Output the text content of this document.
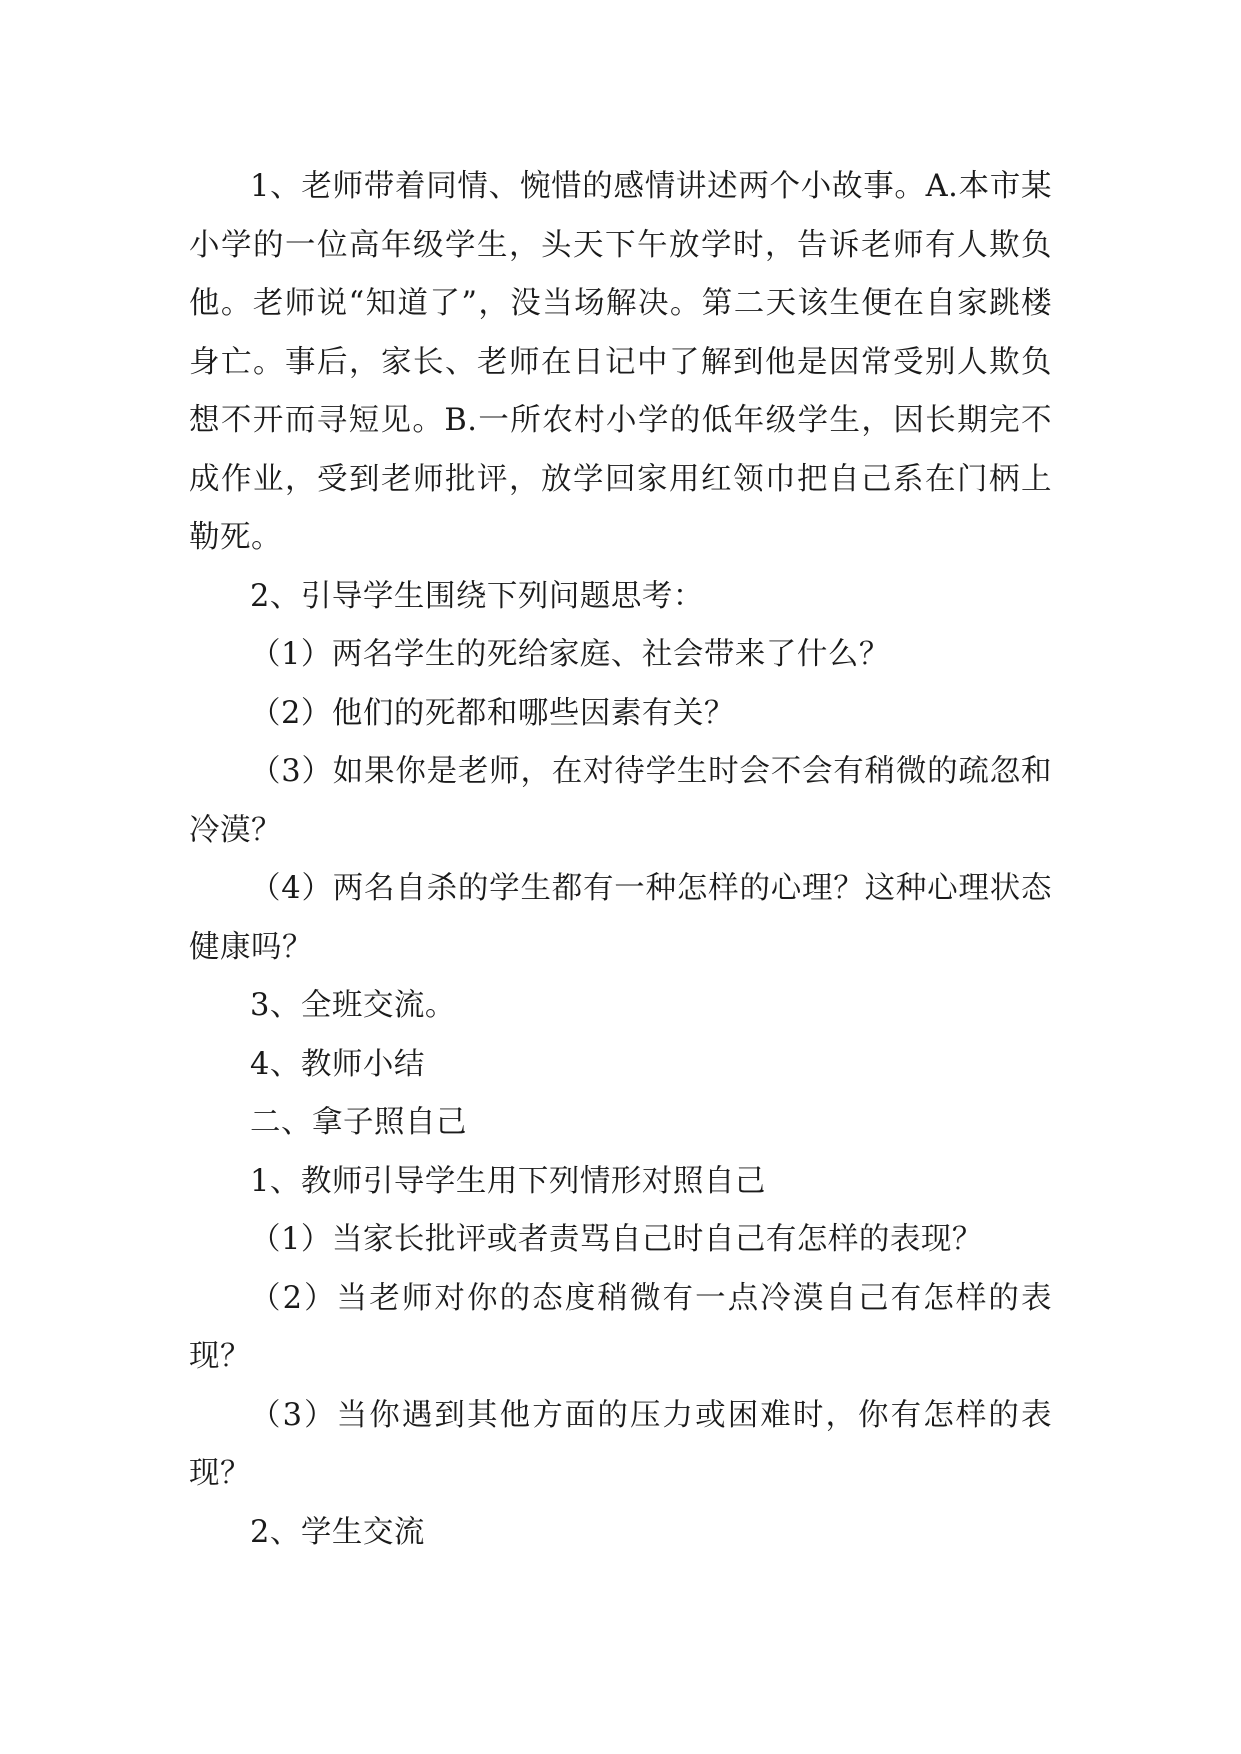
1、老师带着同情、惋惜的感情讲述两个小故事。A.本市某小学的一位高年级学生，头天下午放学时，告诉老师有人欺负他。老师说“知道了”，没当场解决。第二天该生便在自家跳楼身亡。事后，家长、老师在日记中了解到他是因常受别人欺负想不开而寻短见。B.一所农村小学的低年级学生，因长期完不成作业，受到老师批评，放学回家用红领巾把自己系在门柄上勒死。

2、引导学生围绕下列问题思考：

（1）两名学生的死给家庭、社会带来了什么？

（2）他们的死都和哪些因素有关？

（3）如果你是老师，在对待学生时会不会有稍微的疏忽和冷漠？

（4）两名自杀的学生都有一种怎样的心理？这种心理状态健康吗？

3、全班交流。

4、教师小结

二、拿子照自己

1、教师引导学生用下列情形对照自己

（1）当家长批评或者责骂自己时自己有怎样的表现？

（2）当老师对你的态度稍微有一点冷漠自己有怎样的表现？

（3）当你遇到其他方面的压力或困难时，你有怎样的表现？

2、学生交流
